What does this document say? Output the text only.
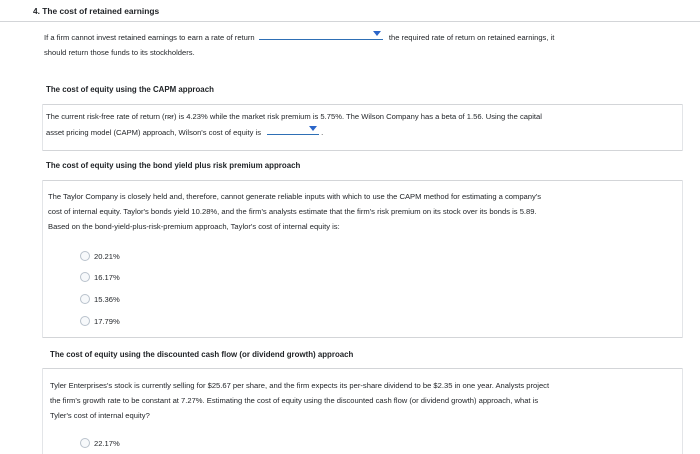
4. The cost of retained earnings
If a firm cannot invest retained earnings to earn a rate of return	the required rate of return on retained earnings, it
should return those funds to its stockholders.
The cost of equity using the CAPM approach
The current risk-free rate of return (rʀғ) is 4.23% while the market risk premium is 5.75%. The Wilson Company has a beta of 1.56. Using the capital
asset pricing model (CAPM) approach, Wilson's cost of equity is	.
The cost of equity using the bond yield plus risk premium approach
The Taylor Company is closely held and, therefore, cannot generate reliable inputs with which to use the CAPM method for estimating a company's
cost of internal equity. Taylor's bonds yield 10.28%, and the firm's analysts estimate that the firm's risk premium on its stock over its bonds is 5.89.
Based on the bond-yield-plus-risk-premium approach, Taylor's cost of internal equity is:
20.21%
16.17%
15.36%
17.79%
The cost of equity using the discounted cash flow (or dividend growth) approach
Tyler Enterprises's stock is currently selling for $25.67 per share, and the firm expects its per-share dividend to be $2.35 in one year. Analysts project
the firm's growth rate to be constant at 7.27%. Estimating the cost of equity using the discounted cash flow (or dividend growth) approach, what is
Tyler's cost of internal equity?
22.17%
